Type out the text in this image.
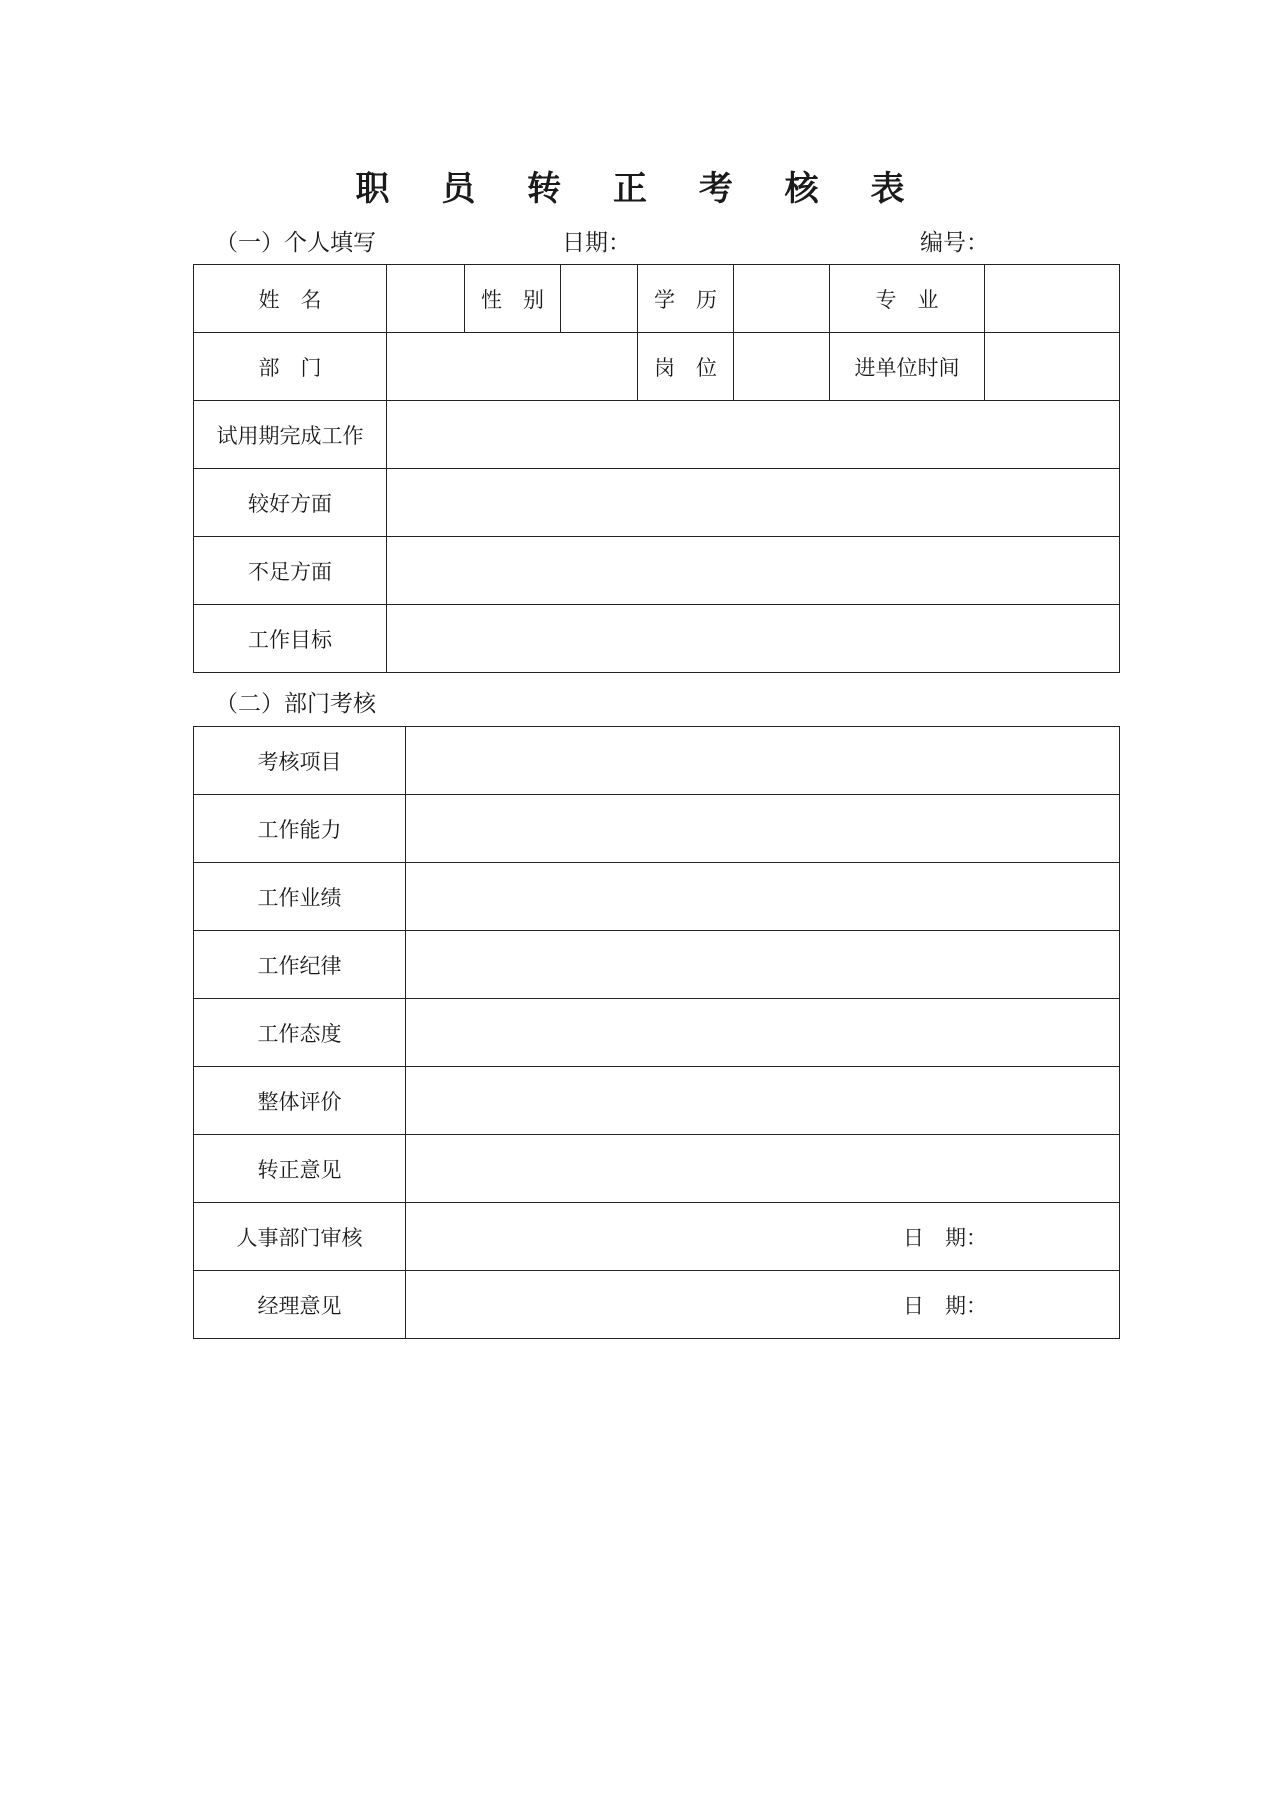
职 员 转 正 考 核 表
（一）个人填写	日期：	编号：
姓　名		性　别		学　历		专　业	
部　门				岗　位		进单位时间	
试用期完成工作							
较好方面							
不足方面							
工作目标							
（二）部门考核
考核项目	
工作能力	
工作业绩	
工作纪律	
工作态度	
整体评价	
转正意见	
人事部门审核	日　期：
经理意见	日　期：
